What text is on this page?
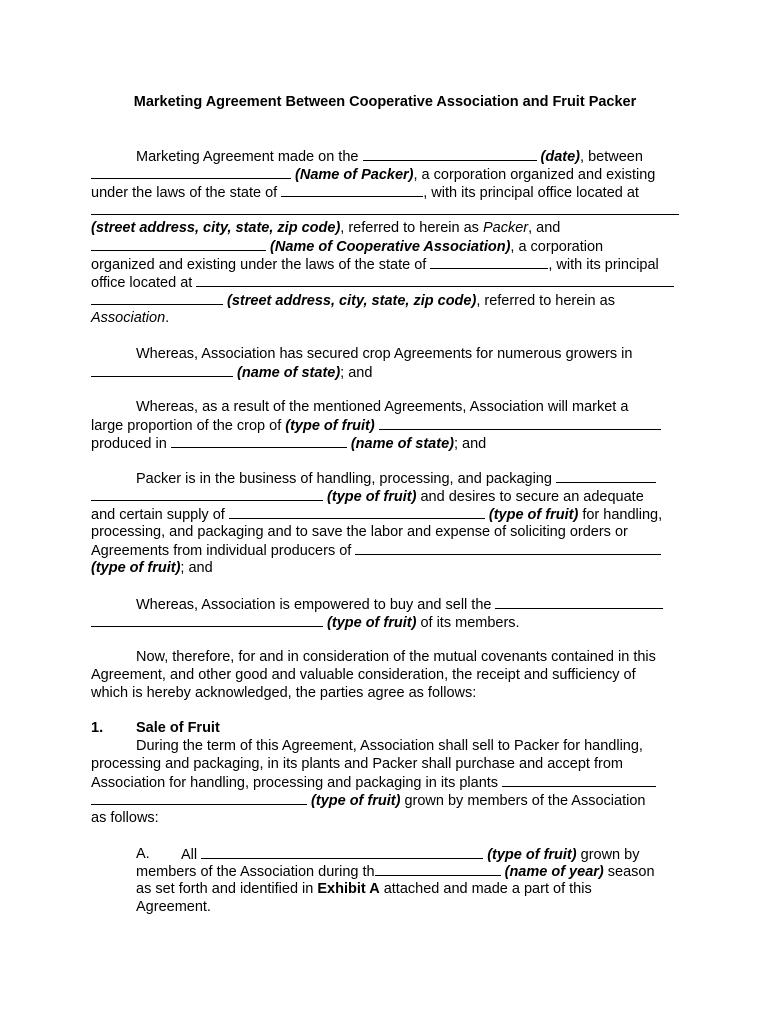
Marketing Agreement Between Cooperative Association and Fruit Packer
Marketing Agreement made on the	(date), between
(Name of Packer), a corporation organized and existing
under the laws of the state of	, with its principal office located at
(street address, city, state, zip code), referred to herein as Packer, and
(Name of Cooperative Association), a corporation
organized and existing under the laws of the state of	, with its principal
office located at
(street address, city, state, zip code), referred to herein as
Association.
Whereas, Association has secured crop Agreements for numerous growers in
(name of state); and
Whereas, as a result of the mentioned Agreements, Association will market a
large proportion of the crop of (type of fruit)
produced in	(name of state); and
Packer is in the business of handling, processing, and packaging
(type of fruit) and desires to secure an adequate
and certain supply of	(type of fruit) for handling,
processing, and packaging and to save the labor and expense of soliciting orders or
Agreements from individual producers of
(type of fruit); and
Whereas, Association is empowered to buy and sell the
(type of fruit) of its members.
Now, therefore, for and in consideration of the mutual covenants contained in this
Agreement, and other good and valuable consideration, the receipt and sufficiency of
which is hereby acknowledged, the parties agree as follows:
1. Sale of Fruit
During the term of this Agreement, Association shall sell to Packer for handling,
processing and packaging, in its plants and Packer shall purchase and accept from
Association for handling, processing and packaging in its plants
(type of fruit) grown by members of the Association
as follows:
A. All	(type of fruit) grown by
members of the Association during th	(name of year) season
as set forth and identified in Exhibit A attached and made a part of this
Agreement.
